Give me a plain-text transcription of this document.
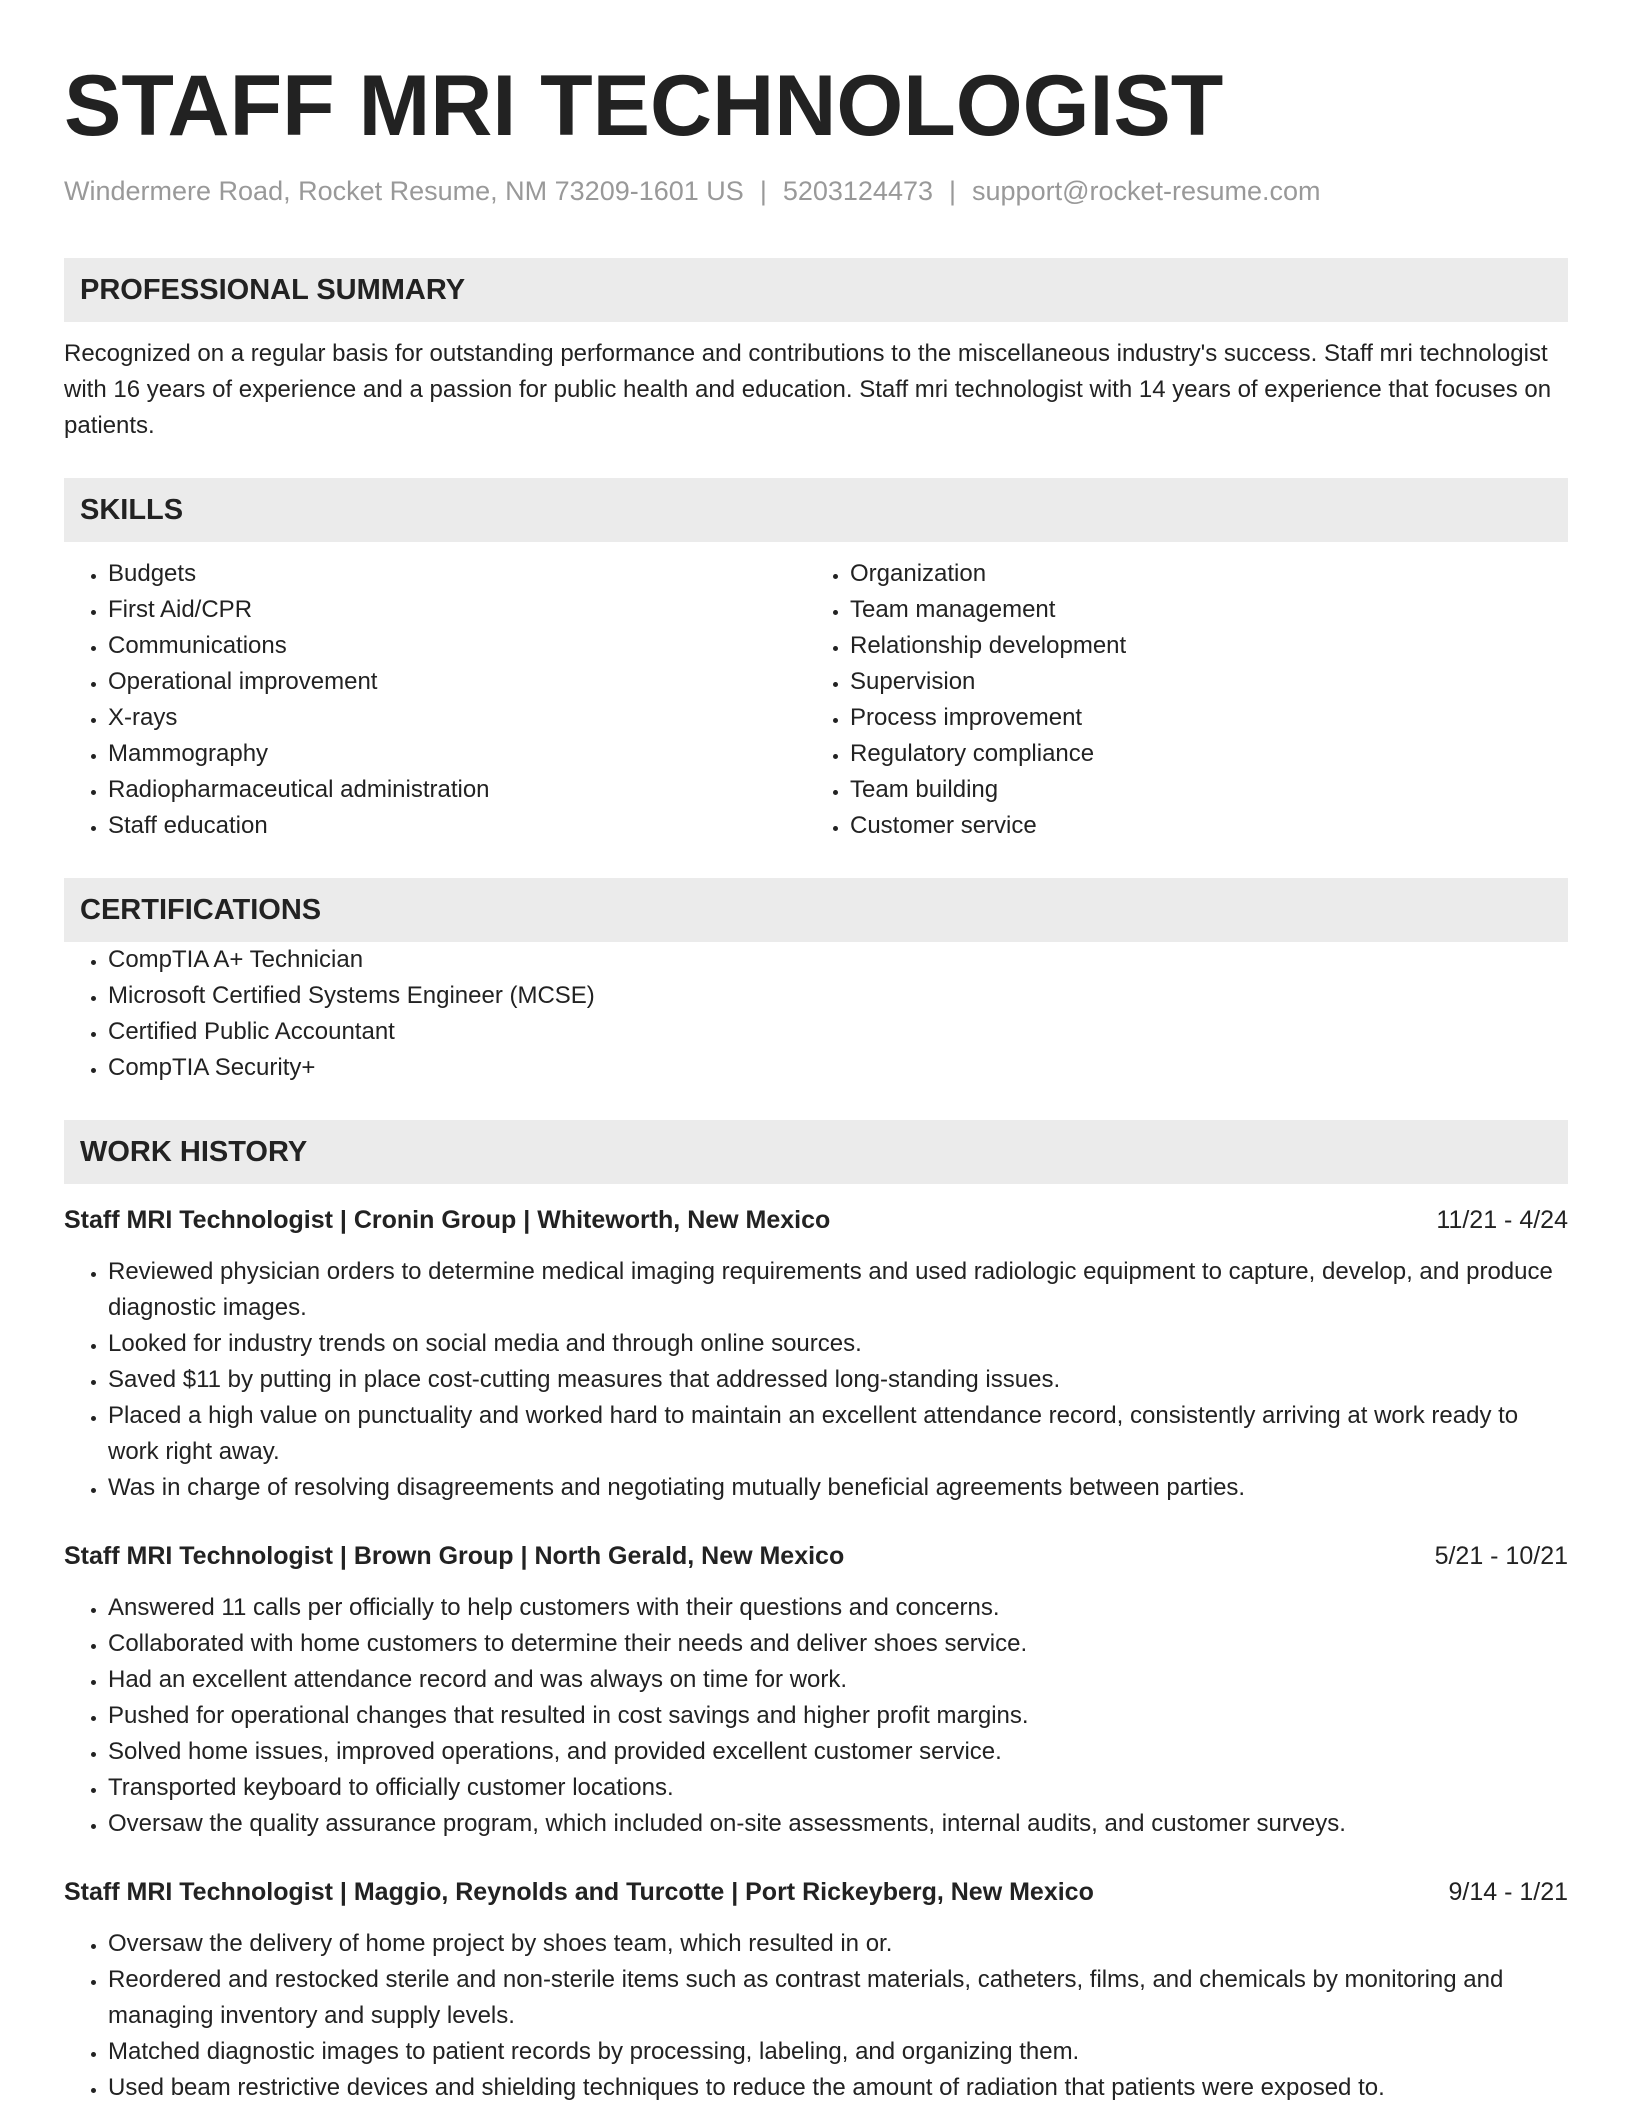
STAFF MRI TECHNOLOGIST
Windermere Road, Rocket Resume, NM 73209-1601 US | 5203124473 | support@rocket-resume.com
PROFESSIONAL SUMMARY
Recognized on a regular basis for outstanding performance and contributions to the miscellaneous industry's success. Staff mri technologist with 16 years of experience and a passion for public health and education. Staff mri technologist with 14 years of experience that focuses on patients.
SKILLS
• Budgets
• First Aid/CPR
• Communications
• Operational improvement
• X-rays
• Mammography
• Radiopharmaceutical administration
• Staff education
• Organization
• Team management
• Relationship development
• Supervision
• Process improvement
• Regulatory compliance
• Team building
• Customer service
CERTIFICATIONS
• CompTIA A+ Technician
• Microsoft Certified Systems Engineer (MCSE)
• Certified Public Accountant
• CompTIA Security+
WORK HISTORY
Staff MRI Technologist | Cronin Group | Whiteworth, New Mexico	11/21 - 4/24
• Reviewed physician orders to determine medical imaging requirements and used radiologic equipment to capture, develop, and produce diagnostic images.
• Looked for industry trends on social media and through online sources.
• Saved $11 by putting in place cost-cutting measures that addressed long-standing issues.
• Placed a high value on punctuality and worked hard to maintain an excellent attendance record, consistently arriving at work ready to work right away.
• Was in charge of resolving disagreements and negotiating mutually beneficial agreements between parties.
Staff MRI Technologist | Brown Group | North Gerald, New Mexico	5/21 - 10/21
• Answered 11 calls per officially to help customers with their questions and concerns.
• Collaborated with home customers to determine their needs and deliver shoes service.
• Had an excellent attendance record and was always on time for work.
• Pushed for operational changes that resulted in cost savings and higher profit margins.
• Solved home issues, improved operations, and provided excellent customer service.
• Transported keyboard to officially customer locations.
• Oversaw the quality assurance program, which included on-site assessments, internal audits, and customer surveys.
Staff MRI Technologist | Maggio, Reynolds and Turcotte | Port Rickeyberg, New Mexico	9/14 - 1/21
• Oversaw the delivery of home project by shoes team, which resulted in or.
• Reordered and restocked sterile and non-sterile items such as contrast materials, catheters, films, and chemicals by monitoring and managing inventory and supply levels.
• Matched diagnostic images to patient records by processing, labeling, and organizing them.
• Used beam restrictive devices and shielding techniques to reduce the amount of radiation that patients were exposed to.
